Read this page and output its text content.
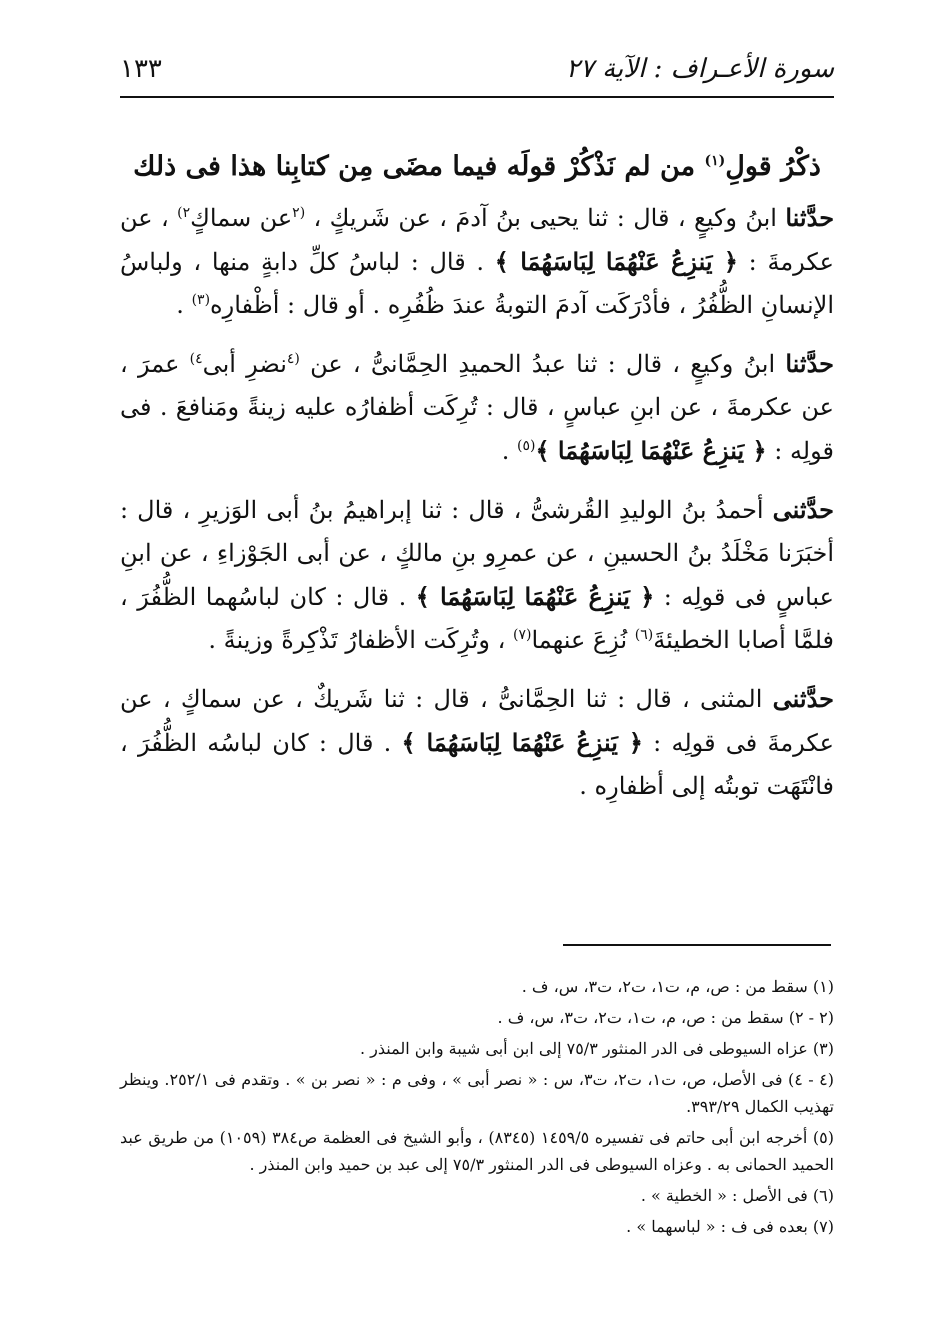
سورة الأعـراف : الآية ٢٧
١٣٣
ذكْرُ قولِ$^{(١)}$ من لم نَذْكُرْ قولَه فيما مضَى مِن كتابِنا هذا فى ذلك

حدَّثنا ابنُ وكيعٍ ، قال : ثنا يحيى بنُ آدمَ ، عن شَريكٍ ، $^{(٢}$عن سماكٍ$^{٢)}$ ، عن عكرمةَ : ﴿ يَنزِعُ عَنْهُمَا لِبَاسَهُمَا ﴾ . قال : لباسُ كلِّ دابةٍ منها ، ولباسُ الإنسانِ الظُّفُرُ ، فأدْرَكَت آدمَ التوبةُ عندَ ظُفُرِه . أو قال : أظْفارِه$^{(٣)}$ .

حدَّثنا ابنُ وكيعٍ ، قال : ثنا عبدُ الحميدِ الحِمَّانىُّ ، عن $^{(٤}$نضرِ أبى$^{٤)}$ عمرَ ، عن عكرمةَ ، عن ابنِ عباسٍ ، قال : تُرِكَت أظفارُه عليه زينةً ومَنافعَ . فى قولِه : ﴿ يَنزِعُ عَنْهُمَا لِبَاسَهُمَا ﴾$^{(٥)}$ .

حدَّثنى أحمدُ بنُ الوليدِ القُرشىُّ ، قال : ثنا إبراهيمُ بنُ أبى الوَزيرِ ، قال : أخبَرَنا مَخْلَدُ بنُ الحسينِ ، عن عمرِو بنِ مالكٍ ، عن أبى الجَوْزاءِ ، عن ابنِ عباسٍ فى قولِه : ﴿ يَنزِعُ عَنْهُمَا لِبَاسَهُمَا ﴾ . قال : كان لباسُهما الظُّفُرَ ، فلمَّا أصابا الخطيئةَ$^{(٦)}$ نُزِعَ عنهما$^{(٧)}$ ، وتُرِكَت الأظفارُ تَذْكِرةً وزينةً .

حدَّثنى المثنى ، قال : ثنا الحِمَّانىُّ ، قال : ثنا شَريكٌ ، عن سماكٍ ، عن عكرمةَ فى قولِه : ﴿ يَنزِعُ عَنْهُمَا لِبَاسَهُمَا ﴾ . قال : كان لباسُه الظُّفُرَ ، فانْتَهَت توبتُه إلى أظفارِه .

(١) سقط من : ص، م، ت١، ت٢، ت٣، س، ف .

(٢ - ٢) سقط من : ص، م، ت١، ت٢، ت٣، س، ف .

(٣) عزاه السيوطى فى الدر المنثور ٧٥/٣ إلى ابن أبى شيبة وابن المنذر .

(٤ - ٤) فى الأصل، ص، ت١، ت٢، ت٣، س : « نصر أبى » ، وفى م : « نصر بن » . وتقدم فى ٢٥٢/١. وينظر تهذيب الكمال ٣٩٣/٢٩.

(٥) أخرجه ابن أبى حاتم فى تفسيره ١٤٥٩/٥ (٨٣٤٥) ، وأبو الشيخ فى العظمة ص٣٨٤ (١٠٥٩) من طريق عبد الحميد الحمانى به . وعزاه السيوطى فى الدر المنثور ٧٥/٣ إلى عبد بن حميد وابن المنذر .

(٦) فى الأصل : « الخطية » .

(٧) بعده فى ف : « لباسهما » .
